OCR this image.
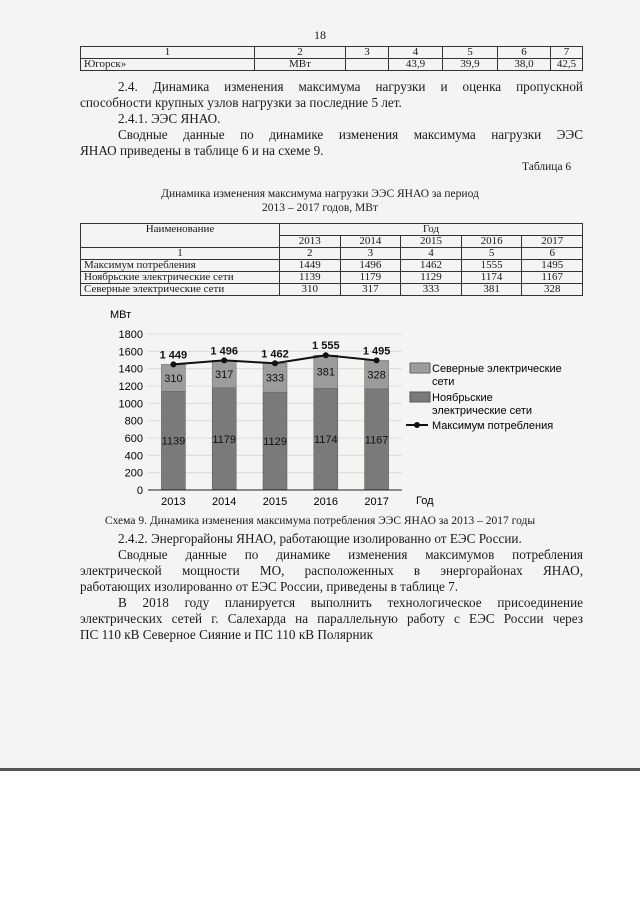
18
1	2	3	4	5	6	7
Югорск»	МВт		43,9	39,9	38,0	42,5

2.4. Динамика изменения максимума нагрузки и оценка пропускной

способности крупных узлов нагрузки за последние 5 лет.

2.4.1. ЭЭС ЯНАО.

Сводные данные по динамике изменения максимума нагрузки ЭЭС

ЯНАО приведены в таблице 6 и на схеме 9.

Таблица 6

Динамика изменения максимума нагрузки ЭЭС ЯНАО за период
2013 – 2017 годов, МВт
Наименование	Год				
	2013	2014	2015	2016	2017
1	2	3	4	5	6
Максимум потребления	1449	1496	1462	1555	1495
Ноябрьские электрические сети	1139	1179	1129	1174	1167
Северные электрические сети	310	317	333	381	328
МВт
0
200
400
600
800
1000
1200
1400
1600
1800
1139
310
1179
317
1129
333
1174
381
1167
328
1 449 1 496 1 462
1 555 1 495
2013 2014 2015 2016 2017 Год
Северные электрические
сети
Ноябрьские
электрические сети
Максимум потребления
Схема 9. Динамика изменения максимума потребления ЭЭС ЯНАО за 2013 – 2017 годы

2.4.2. Энергорайоны ЯНАО, работающие изолированно от ЕЭС России.

Сводные данные по динамике изменения максимумов потребления

электрической мощности МО, расположенных в энергорайонах ЯНАО,

работающих изолированно от ЕЭС России, приведены в таблице 7.

В 2018 году планируется выполнить технологическое присоединение

электрических сетей г. Салехарда на параллельную работу с ЕЭС России через

ПС 110 кВ Северное Сияние и ПС 110 кВ Полярник
